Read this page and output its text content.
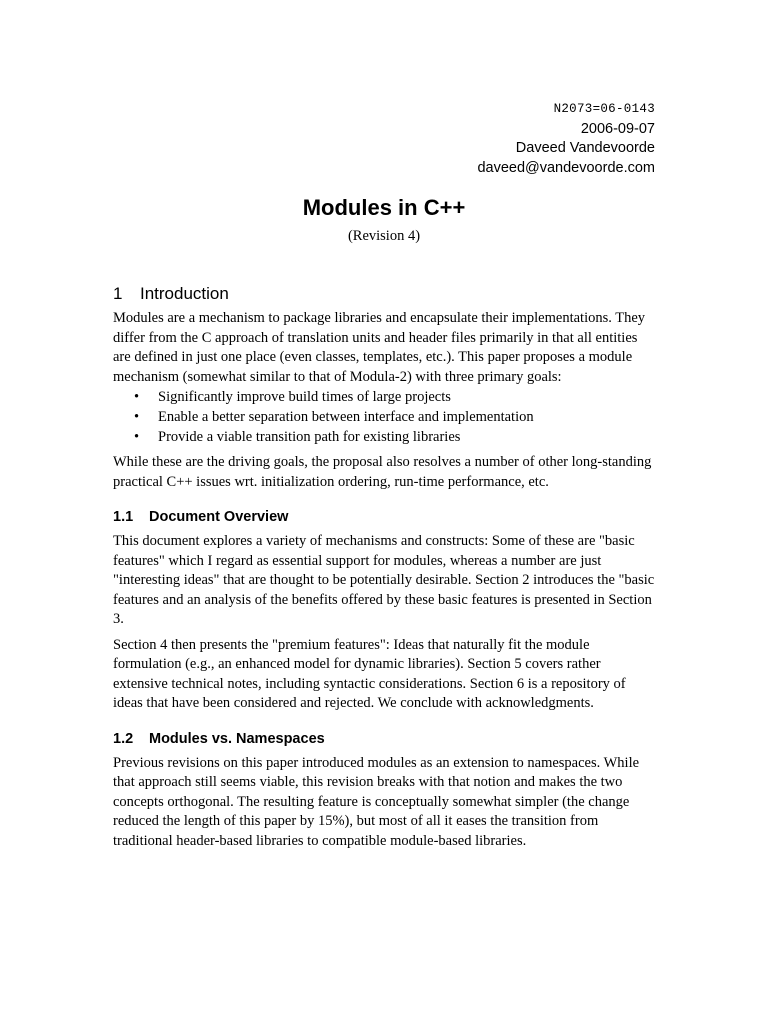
N2073=06-0143
2006-09-07
Daveed Vandevoorde
daveed@vandevoorde.com
Modules in C++
(Revision 4)
1 Introduction

Modules are a mechanism to package libraries and encapsulate their implementations. They differ from the C approach of translation units and header files primarily in that all entities are defined in just one place (even classes, templates, etc.). This paper proposes a module mechanism (somewhat similar to that of Modula-2) with three primary goals:

• Significantly improve build times of large projects
• Enable a better separation between interface and implementation
• Provide a viable transition path for existing libraries

While these are the driving goals, the proposal also resolves a number of other long-standing practical C++ issues wrt. initialization ordering, run-time performance, etc.

1.1 Document Overview

This document explores a variety of mechanisms and constructs: Some of these are "basic features" which I regard as essential support for modules, whereas a number are just "interesting ideas" that are thought to be potentially desirable. Section 2 introduces the "basic features and an analysis of the benefits offered by these basic features is presented in Section 3.

Section 4 then presents the "premium features": Ideas that naturally fit the module formulation (e.g., an enhanced model for dynamic libraries). Section 5 covers rather extensive technical notes, including syntactic considerations. Section 6 is a repository of ideas that have been considered and rejected. We conclude with acknowledgments.

1.2 Modules vs. Namespaces

Previous revisions on this paper introduced modules as an extension to namespaces. While that approach still seems viable, this revision breaks with that notion and makes the two concepts orthogonal. The resulting feature is conceptually somewhat simpler (the change reduced the length of this paper by 15%), but most of all it eases the transition from traditional header-based libraries to compatible module-based libraries.
